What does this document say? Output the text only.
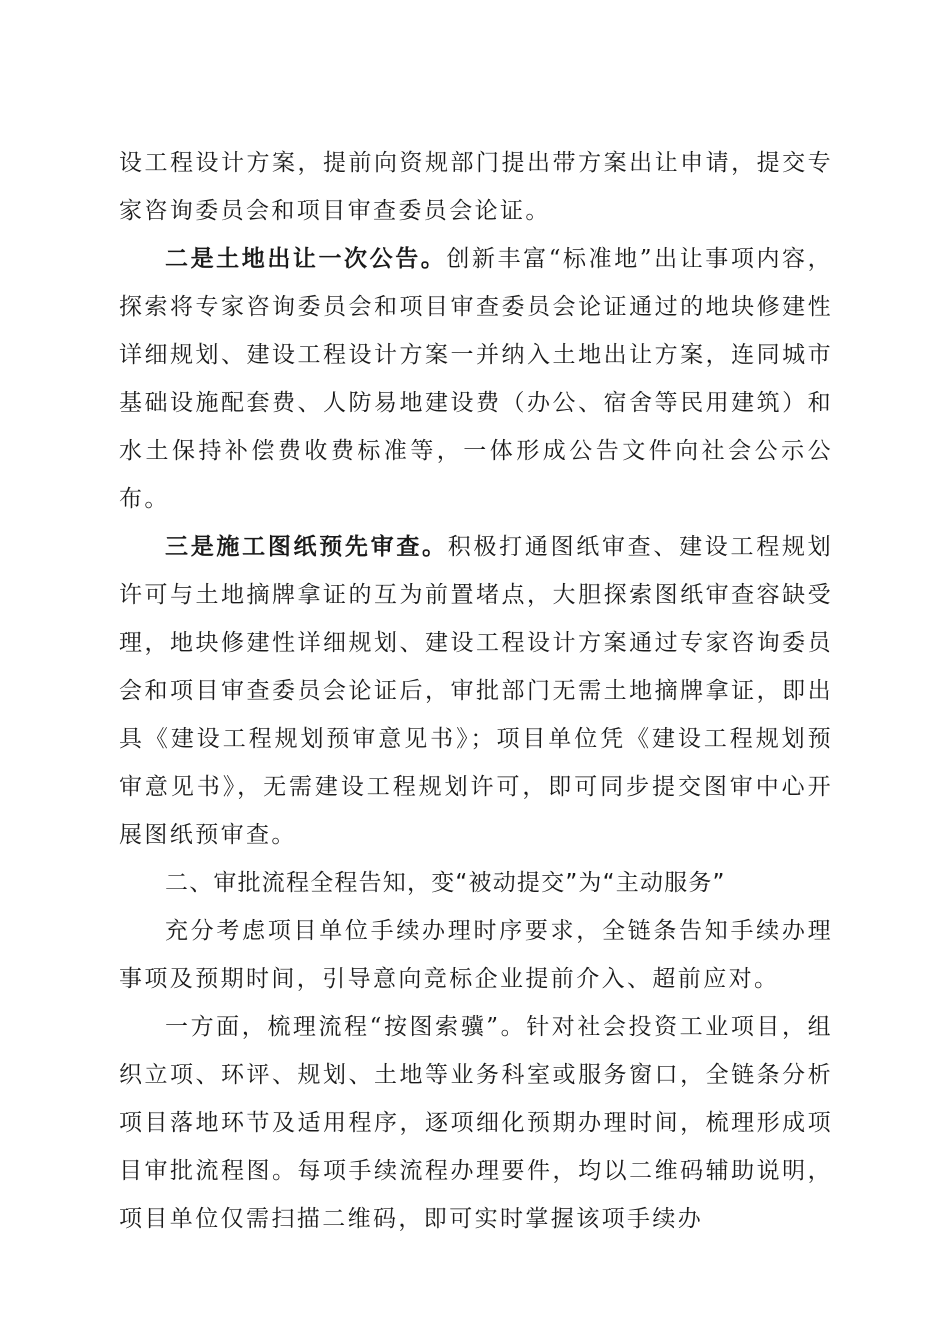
设工程设计方案，提前向资规部门提出带方案出让申请，提交专家咨询委员会和项目审查委员会论证。

二是土地出让一次公告。创新丰富“标准地”出让事项内容，探索将专家咨询委员会和项目审查委员会论证通过的地块修建性详细规划、建设工程设计方案一并纳入土地出让方案，连同城市基础设施配套费、人防易地建设费（办公、宿舍等民用建筑）和水土保持补偿费收费标准等，一体形成公告文件向社会公示公布。

三是施工图纸预先审查。积极打通图纸审查、建设工程规划许可与土地摘牌拿证的互为前置堵点，大胆探索图纸审查容缺受理，地块修建性详细规划、建设工程设计方案通过专家咨询委员会和项目审查委员会论证后，审批部门无需土地摘牌拿证，即出具《建设工程规划预审意见书》；项目单位凭《建设工程规划预审意见书》，无需建设工程规划许可，即可同步提交图审中心开展图纸预审查。

二、审批流程全程告知，变“被动提交”为“主动服务”

充分考虑项目单位手续办理时序要求，全链条告知手续办理事项及预期时间，引导意向竞标企业提前介入、超前应对。

一方面，梳理流程“按图索骥”。针对社会投资工业项目，组织立项、环评、规划、土地等业务科室或服务窗口，全链条分析项目落地环节及适用程序，逐项细化预期办理时间，梳理形成项目审批流程图。每项手续流程办理要件，均以二维码辅助说明，项目单位仅需扫描二维码，即可实时掌握该项手续办
